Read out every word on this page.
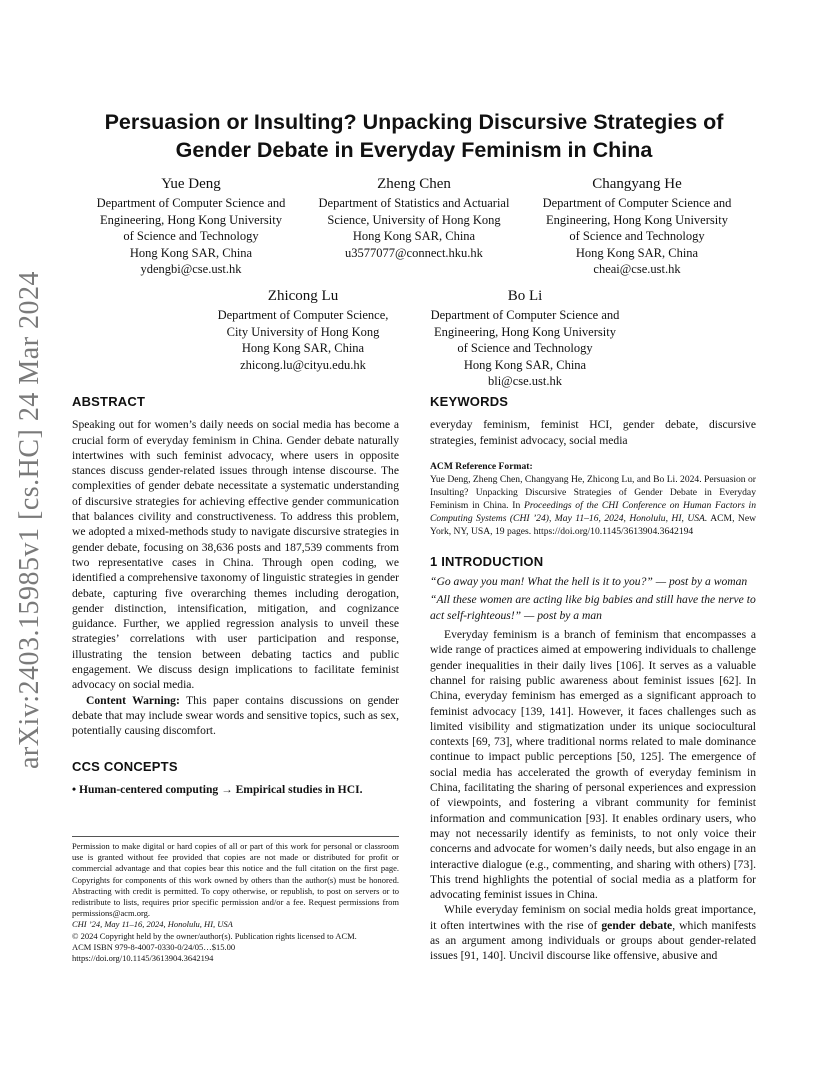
arXiv:2403.15985v1 [cs.HC] 24 Mar 2024
Persuasion or Insulting? Unpacking Discursive Strategies of
Gender Debate in Everyday Feminism in China
Yue Deng
Department of Computer Science and
Engineering, Hong Kong University
of Science and Technology
Hong Kong SAR, China
ydengbi@cse.ust.hk
Zheng Chen
Department of Statistics and Actuarial
Science, University of Hong Kong
Hong Kong SAR, China
u3577077@connect.hku.hk
Changyang He
Department of Computer Science and
Engineering, Hong Kong University
of Science and Technology
Hong Kong SAR, China
cheai@cse.ust.hk
Zhicong Lu
Department of Computer Science,
City University of Hong Kong
Hong Kong SAR, China
zhicong.lu@cityu.edu.hk
Bo Li
Department of Computer Science and
Engineering, Hong Kong University
of Science and Technology
Hong Kong SAR, China
bli@cse.ust.hk
ABSTRACT

Speaking out for women’s daily needs on social media has become a crucial form of everyday feminism in China. Gender debate naturally intertwines with such feminist advocacy, where users in opposite stances discuss gender-related issues through intense discourse. The complexities of gender debate necessitate a systematic understanding of discursive strategies for achieving effective gender communication that balances civility and constructiveness. To address this problem, we adopted a mixed-methods study to navigate discursive strategies in gender debate, focusing on 38,636 posts and 187,539 comments from two representative cases in China. Through open coding, we identified a comprehensive taxonomy of linguistic strategies in gender debate, capturing five overarching themes including derogation, gender distinction, intensification, mitigation, and cognizance guidance. Further, we applied regression analysis to unveil these strategies’ correlations with user participation and response, illustrating the tension between debating tactics and public engagement. We discuss design implications to facilitate feminist advocacy on social media.

Content Warning: This paper contains discussions on gender debate that may include swear words and sensitive topics, such as sex, potentially causing discomfort.

CCS CONCEPTS

• Human-centered computing → Empirical studies in HCI.

Permission to make digital or hard copies of all or part of this work for personal or classroom use is granted without fee provided that copies are not made or distributed for profit or commercial advantage and that copies bear this notice and the full citation on the first page. Copyrights for components of this work owned by others than the author(s) must be honored. Abstracting with credit is permitted. To copy otherwise, or republish, to post on servers or to redistribute to lists, requires prior specific permission and/or a fee. Request permissions from permissions@acm.org.

CHI ’24, May 11–16, 2024, Honolulu, HI, USA

© 2024 Copyright held by the owner/author(s). Publication rights licensed to ACM.

ACM ISBN 979-8-4007-0330-0/24/05…$15.00

https://doi.org/10.1145/3613904.3642194

KEYWORDS

everyday feminism, feminist HCI, gender debate, discursive strategies, feminist advocacy, social media

ACM Reference Format:

Yue Deng, Zheng Chen, Changyang He, Zhicong Lu, and Bo Li. 2024. Persuasion or Insulting? Unpacking Discursive Strategies of Gender Debate in Everyday Feminism in China. In Proceedings of the CHI Conference on Human Factors in Computing Systems (CHI ’24), May 11–16, 2024, Honolulu, HI, USA. ACM, New York, NY, USA, 19 pages. https://doi.org/10.1145/3613904.3642194

1 INTRODUCTION

“Go away you man! What the hell is it to you?” — post by a woman

“All these women are acting like big babies and still have the nerve to act self-righteous!” — post by a man

Everyday feminism is a branch of feminism that encompasses a wide range of practices aimed at empowering individuals to challenge gender inequalities in their daily lives [106]. It serves as a valuable channel for raising public awareness about feminist issues [62]. In China, everyday feminism has emerged as a significant approach to feminist advocacy [139, 141]. However, it faces challenges such as limited visibility and stigmatization under its unique sociocultural contexts [69, 73], where traditional norms related to male dominance continue to impact public perceptions [50, 125]. The emergence of social media has accelerated the growth of everyday feminism in China, facilitating the sharing of personal experiences and expression of viewpoints, and fostering a vibrant community for feminist information and communication [93]. It enables ordinary users, who may not necessarily identify as feminists, to not only voice their concerns and advocate for women’s daily needs, but also engage in an interactive dialogue (e.g., commenting, and sharing with others) [73]. This trend highlights the potential of social media as a platform for advocating feminist issues in China.

While everyday feminism on social media holds great importance, it often intertwines with the rise of gender debate, which manifests as an argument among individuals or groups about gender-related issues [91, 140]. Uncivil discourse like offensive, abusive and
